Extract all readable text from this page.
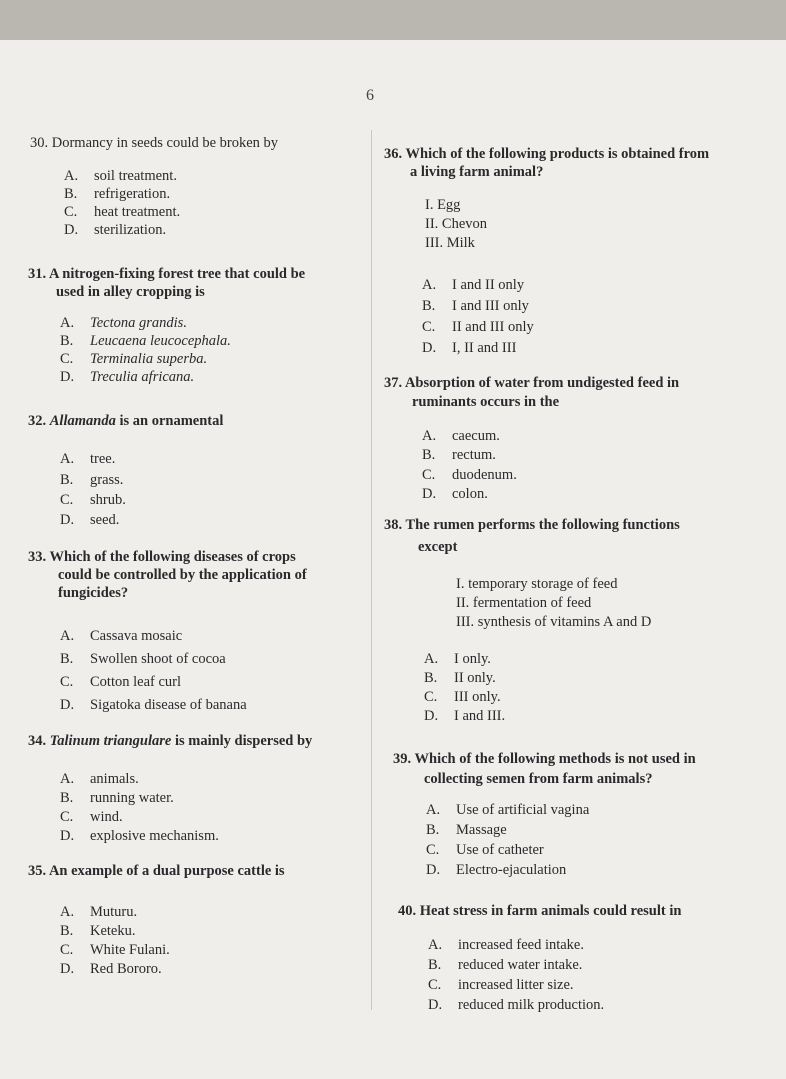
6
30. Dormancy in seeds could be broken by
A. soil treatment.
B. refrigeration.
C. heat treatment.
D. sterilization.
31. A nitrogen-fixing forest tree that could be
used in alley cropping is
A. Tectona grandis.
B. Leucaena leucocephala.
C. Terminalia superba.
D. Treculia africana.
32. Allamanda is an ornamental
A. tree.
B. grass.
C. shrub.
D. seed.
33. Which of the following diseases of crops
could be controlled by the application of
fungicides?
A. Cassava mosaic
B. Swollen shoot of cocoa
C. Cotton leaf curl
D. Sigatoka disease of banana
34. Talinum triangulare is mainly dispersed by
A. animals.
B. running water.
C. wind.
D. explosive mechanism.
35. An example of a dual purpose cattle is
A. Muturu.
B. Keteku.
C. White Fulani.
D. Red Bororo.
36. Which of the following products is obtained from
a living farm animal?
I. Egg
II. Chevon
III. Milk
A. I and II only
B. I and III only
C. II and III only
D. I, II and III
37. Absorption of water from undigested feed in
ruminants occurs in the
A. caecum.
B. rectum.
C. duodenum.
D. colon.
38. The rumen performs the following functions
except
I. temporary storage of feed
II. fermentation of feed
III. synthesis of vitamins A and D
A. I only.
B. II only.
C. III only.
D. I and III.
39. Which of the following methods is not used in
collecting semen from farm animals?
A. Use of artificial vagina
B. Massage
C. Use of catheter
D. Electro-ejaculation
40. Heat stress in farm animals could result in
A. increased feed intake.
B. reduced water intake.
C. increased litter size.
D. reduced milk production.
